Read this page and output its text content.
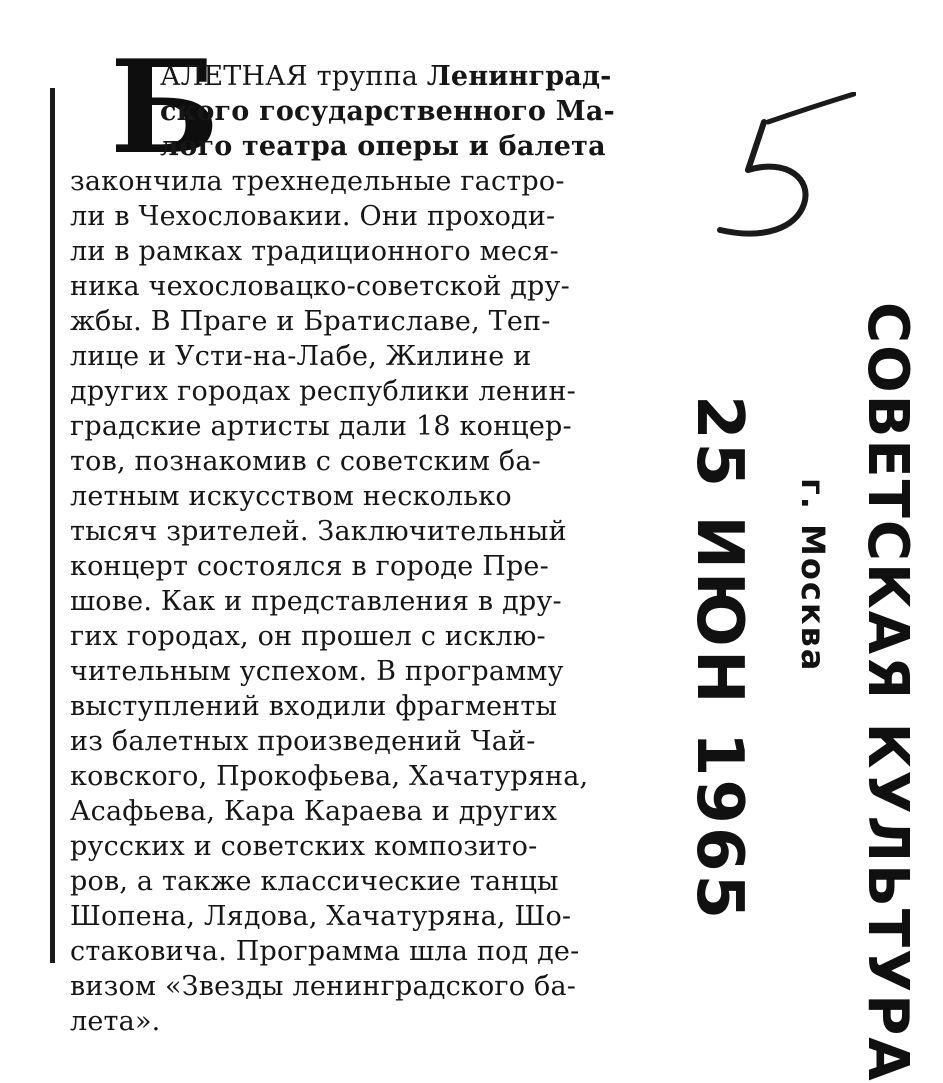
Б
АЛЕТНАЯ труппа Ленинград-
ского государственного Ма-
лого театра оперы и балета
закончила трехнедельные гастро-
ли в Чехословакии. Они проходи-
ли в рамках традиционного меся-
ника чехословацко-советской дру-
жбы. В Праге и Братиславе, Теп-
лице и Усти-на-Лабе, Жилине и
других городах республики ленин-
градские артисты дали 18 концер-
тов, познакомив с советским ба-
летным искусством несколько
тысяч зрителей. Заключительный
концерт состоялся в городе Пре-
шове. Как и представления в дру-
гих городах, он прошел с исклю-
чительным успехом. В программу
выступлений входили фрагменты
из балетных произведений Чай-
ковского, Прокофьева, Хачатуряна,
Асафьева, Кара Караева и других
русских и советских композито-
ров, а также классические танцы
Шопена, Лядова, Хачатуряна, Шо-
стаковича. Программа шла под де-
визом «Звезды ленинградского ба-
лета».	СОВЕТСКАЯ КУЛЬТУРА
г. Москва
25 ИЮН 1965
